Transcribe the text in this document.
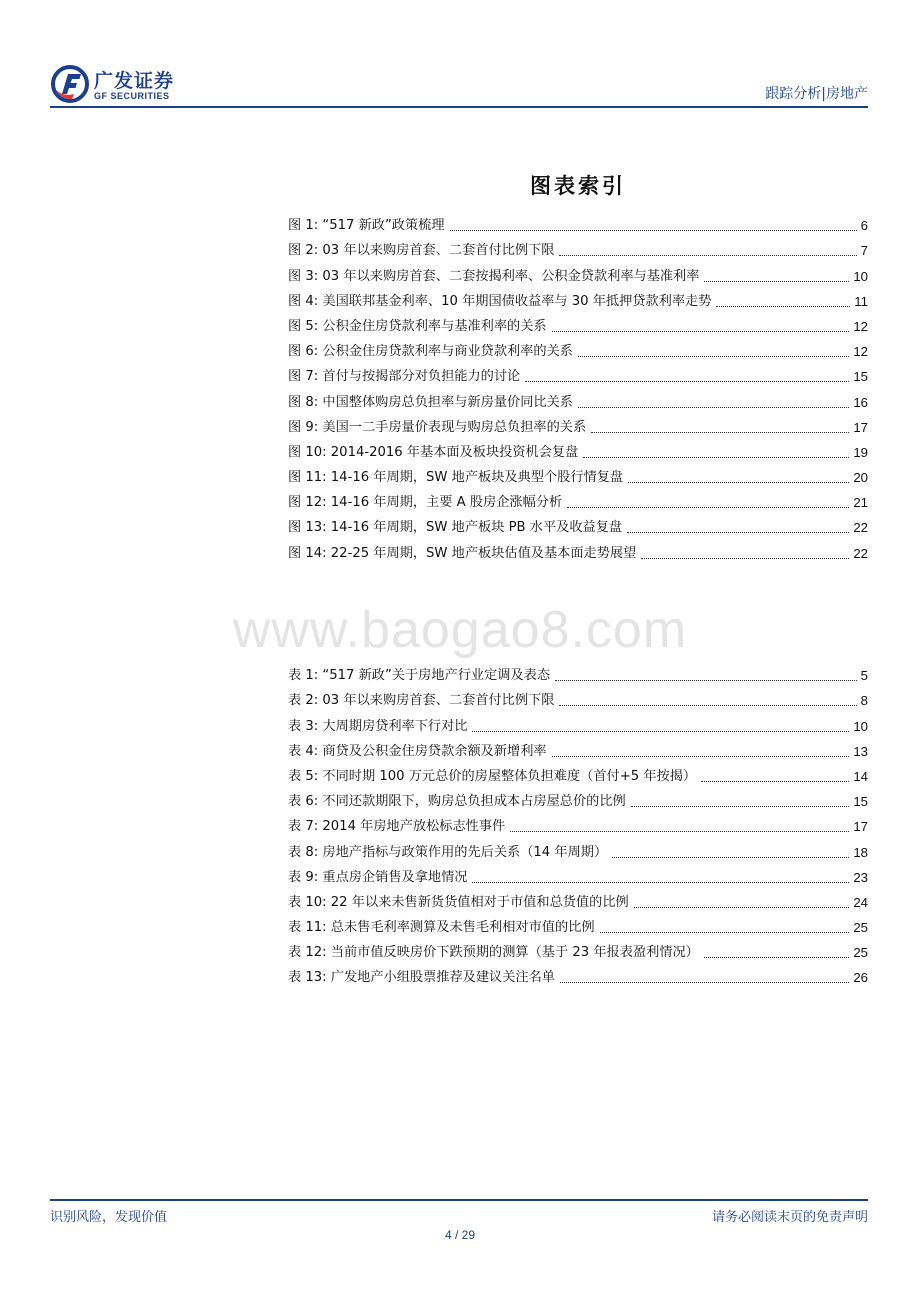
广发证券
GF SECURITIES	跟踪分析|房地产
图表索引
图 1: “517 新政”政策梳理	6
图 2: 03 年以来购房首套、二套首付比例下限	7
图 3: 03 年以来购房首套、二套按揭利率、公积金贷款利率与基准利率	10
图 4: 美国联邦基金利率、10 年期国债收益率与 30 年抵押贷款利率走势	11
图 5: 公积金住房贷款利率与基准利率的关系	12
图 6: 公积金住房贷款利率与商业贷款利率的关系	12
图 7: 首付与按揭部分对负担能力的讨论	15
图 8: 中国整体购房总负担率与新房量价同比关系	16
图 9: 美国一二手房量价表现与购房总负担率的关系	17
图 10: 2014-2016 年基本面及板块投资机会复盘	19
图 11: 14-16 年周期，SW 地产板块及典型个股行情复盘	20
图 12: 14-16 年周期，主要 A 股房企涨幅分析	21
图 13: 14-16 年周期，SW 地产板块 PB 水平及收益复盘	22
图 14: 22-25 年周期，SW 地产板块估值及基本面走势展望	22
www.baogao8.com
表 1: “517 新政”关于房地产行业定调及表态	5
表 2: 03 年以来购房首套、二套首付比例下限	8
表 3: 大周期房贷利率下行对比	10
表 4: 商贷及公积金住房贷款余额及新增利率	13
表 5: 不同时期 100 万元总价的房屋整体负担难度（首付+5 年按揭）	14
表 6: 不同还款期限下，购房总负担成本占房屋总价的比例	15
表 7: 2014 年房地产放松标志性事件	17
表 8: 房地产指标与政策作用的先后关系（14 年周期）	18
表 9: 重点房企销售及拿地情况	23
表 10: 22 年以来未售新货货值相对于市值和总货值的比例	24
表 11: 总未售毛利率测算及未售毛利相对市值的比例	25
表 12: 当前市值反映房价下跌预期的测算（基于 23 年报表盈利情况）	25
表 13: 广发地产小组股票推荐及建议关注名单	26
识别风险，发现价值	请务必阅读末页的免责声明
4 / 29
